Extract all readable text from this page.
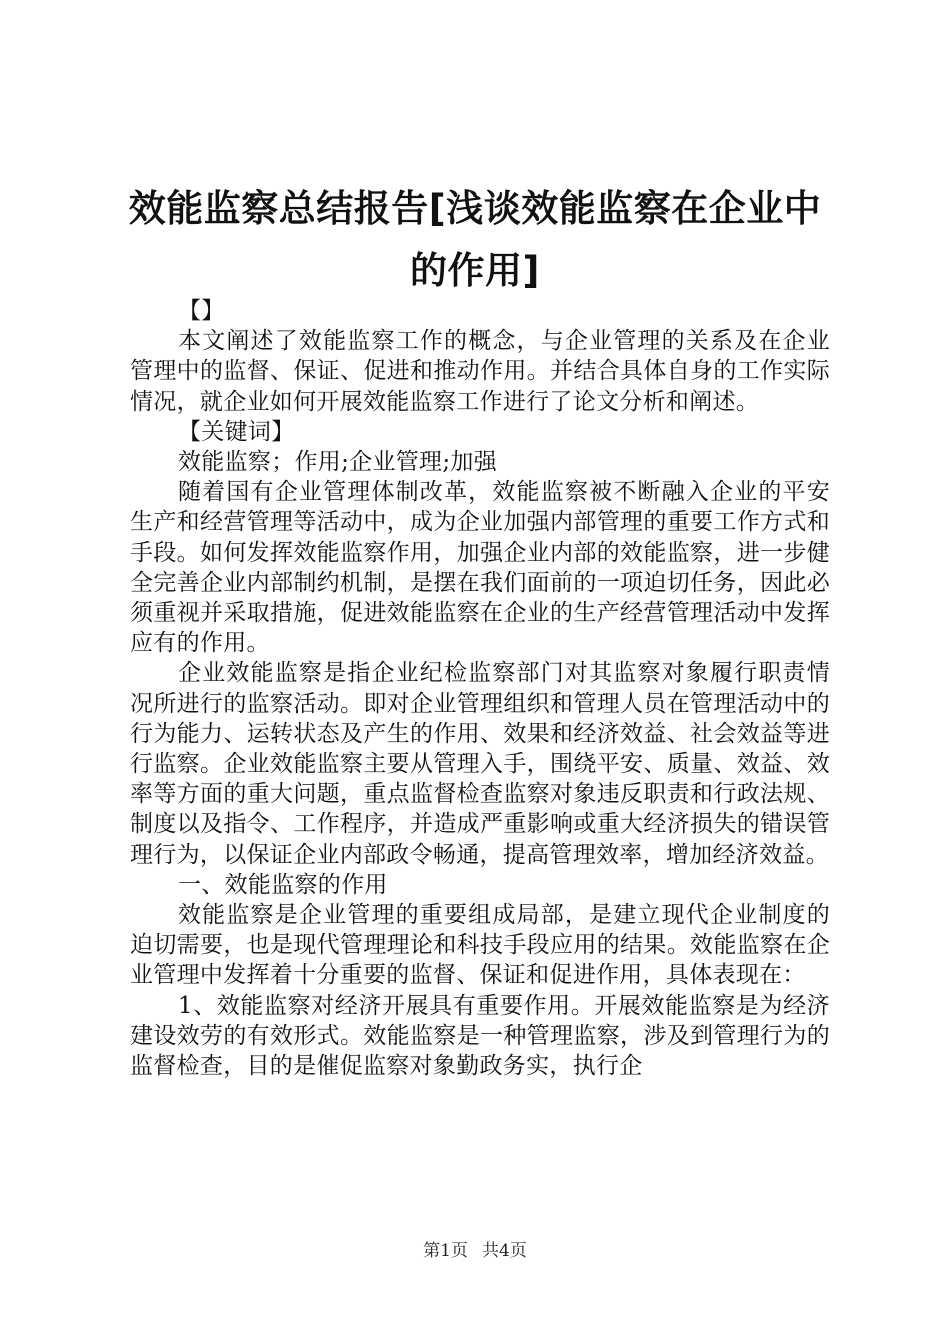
效能监察总结报告[浅谈效能监察在企业中的作用]

【】

本文阐述了效能监察工作的概念，与企业管理的关系及在企业管理中的监督、保证、促进和推动作用。并结合具体自身的工作实际情况，就企业如何开展效能监察工作进行了论文分析和阐述。

【关键词】

效能监察；作用;企业管理;加强

随着国有企业管理体制改革，效能监察被不断融入企业的平安生产和经营管理等活动中，成为企业加强内部管理的重要工作方式和手段。如何发挥效能监察作用，加强企业内部的效能监察，进一步健全完善企业内部制约机制，是摆在我们面前的一项迫切任务，因此必须重视并采取措施，促进效能监察在企业的生产经营管理活动中发挥应有的作用。

企业效能监察是指企业纪检监察部门对其监察对象履行职责情况所进行的监察活动。即对企业管理组织和管理人员在管理活动中的行为能力、运转状态及产生的作用、效果和经济效益、社会效益等进行监察。企业效能监察主要从管理入手，围绕平安、质量、效益、效率等方面的重大问题，重点监督检查监察对象违反职责和行政法规、制度以及指令、工作程序，并造成严重影响或重大经济损失的错误管理行为，以保证企业内部政令畅通，提高管理效率，增加经济效益。

一、效能监察的作用

效能监察是企业管理的重要组成局部，是建立现代企业制度的迫切需要，也是现代管理理论和科技手段应用的结果。效能监察在企业管理中发挥着十分重要的监督、保证和促进作用，具体表现在：

1、效能监察对经济开展具有重要作用。开展效能监察是为经济建设效劳的有效形式。效能监察是一种管理监察，涉及到管理行为的监督检查，目的是催促监察对象勤政务实，执行企

第1页 共4页
